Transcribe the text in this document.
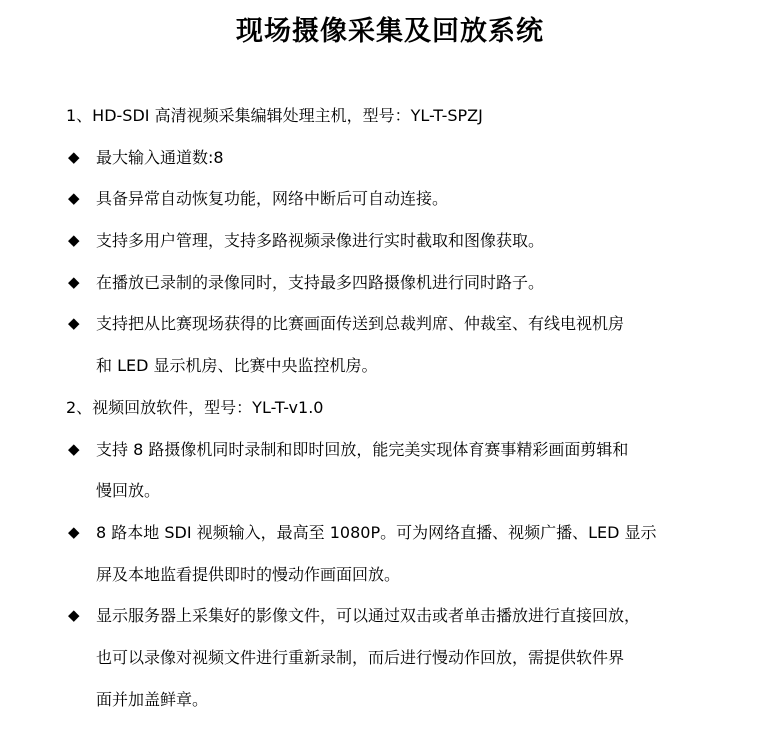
现场摄像采集及回放系统
1、HD-SDI 高清视频采集编辑处理主机，型号：YL-T-SPZJ
◆ 最大输入通道数:8
◆ 具备异常自动恢复功能，网络中断后可自动连接。
◆ 支持多用户管理，支持多路视频录像进行实时截取和图像获取。
◆ 在播放已录制的录像同时，支持最多四路摄像机进行同时路子。
◆ 支持把从比赛现场获得的比赛画面传送到总裁判席、仲裁室、有线电视机房
和 LED 显示机房、比赛中央监控机房。
2、视频回放软件，型号：YL-T-v1.0
◆ 支持 8 路摄像机同时录制和即时回放，能完美实现体育赛事精彩画面剪辑和
慢回放。
◆ 8 路本地 SDI 视频输入，最高至 1080P。可为网络直播、视频广播、LED 显示
屏及本地监看提供即时的慢动作画面回放。
◆ 显示服务器上采集好的影像文件，可以通过双击或者单击播放进行直接回放，
也可以录像对视频文件进行重新录制，而后进行慢动作回放，需提供软件界
面并加盖鲜章。
